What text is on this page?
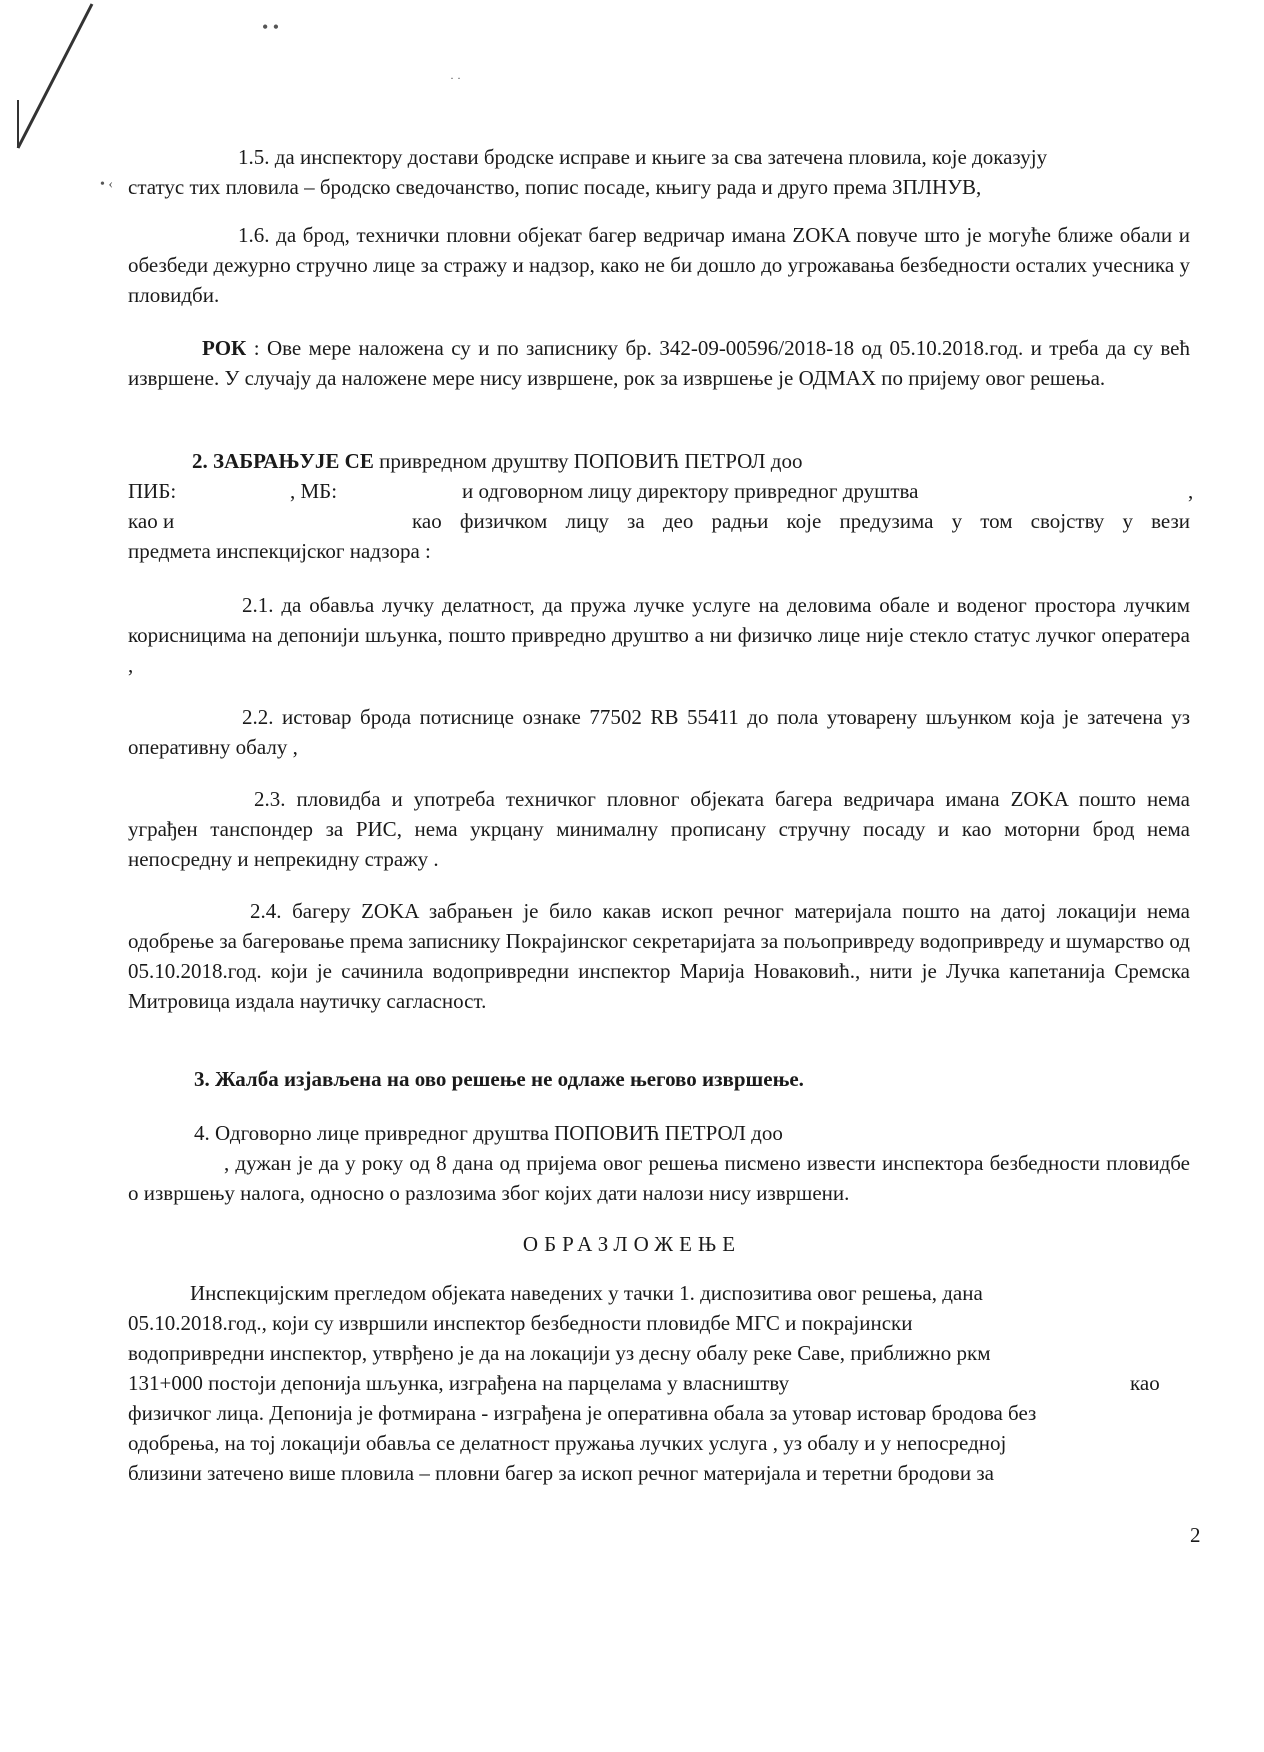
• •
· ·
1.5. да инспектору достави бродске исправе и књиге за сва затечена пловила, које доказују
• ‹ статус тих пловила – бродско сведочанство, попис посаде, књигу рада и друго према ЗПЛНУВ,
1.6. да брод, технички пловни објекат багер ведричар имана ZOKA повуче што је могуће ближе обали и обезбеди дежурно стручно лице за стражу и надзор, како не би дошло до угрожавања безбедности осталих учесника у пловидби.
РОК : Ове мере наложена су и по записнику бр. 342-09-00596/2018-18 од 05.10.2018.год. и треба да су већ извршене. У случају да наложене мере нису извршене, рок за извршење је ОДМАХ по пријему овог решења.
2. ЗАБРАЊУЈЕ СЕ привредном друштву ПОПОВИЋ ПЕТРОЛ доо
ПИБ:	, МБ:	и одговорном лицу директору привредног друштва	,
као и	као физичком лицу за део радњи које предузима у том својству у вези
предмета инспекцијског надзора :
2.1. да обавља лучку делатност, да пружа лучке услуге на деловима обале и воденог простора лучким корисницима на депонији шљунка, пошто привредно друштво а ни физичко лице није стекло статус лучког оператера ,
2.2. истовар брода потиснице ознаке 77502 RB 55411 до пола утоварену шљунком која је затечена уз оперативну обалу ,
2.3. пловидба и употреба техничког пловног објеката багера ведричара имана ZOKA пошто нема уграђен танспондер за РИС, нема укрцану минималну прописану стручну посаду и као моторни брод нема непосредну и непрекидну стражу .
2.4. багеру ZOKA забрањен је било какав ископ речног материјала пошто на датој локацији нема одобрење за багеровање према записнику Покрајинског секретаријата за пољопривреду водопривреду и шумарство од 05.10.2018.год. који је сачинила водопривредни инспектор Марија Новаковић., нити је Лучка капетанија Сремска Митровица издала наутичку сагласност.
3. Жалба изјављена на ово решење не одлаже његово извршење.
4. Одговорно лице привредног друштва ПОПОВИЋ ПЕТРОЛ доо
, дужан је да у року од 8 дана од пријема овог решења писмено извести инспектора безбедности пловидбе о извршењу налога, односно о разлозима због којих дати налози нису извршени.
ОБРАЗЛОЖЕЊЕ
Инспекцијским прегледом објеката наведених у тачки 1. диспозитива овог решења, дана
05.10.2018.год., који су извршили инспектор безбедности пловидбе МГС и покрајински
водопривредни инспектор, утврђено је да на локацији уз десну обалу реке Саве, приближно ркм
131+000 постоји депонија шљунка, изграђена на парцелама у власништву	као
физичког лица. Депонија је фотмирана - изграђена је оперативна обала за утовар истовар бродова без
одобрења, на тој локацији обавља се делатност пружања лучких услуга , уз обалу и у непосредној
близини затечено више пловила – пловни багер за ископ речног материјала и теретни бродови за
2
